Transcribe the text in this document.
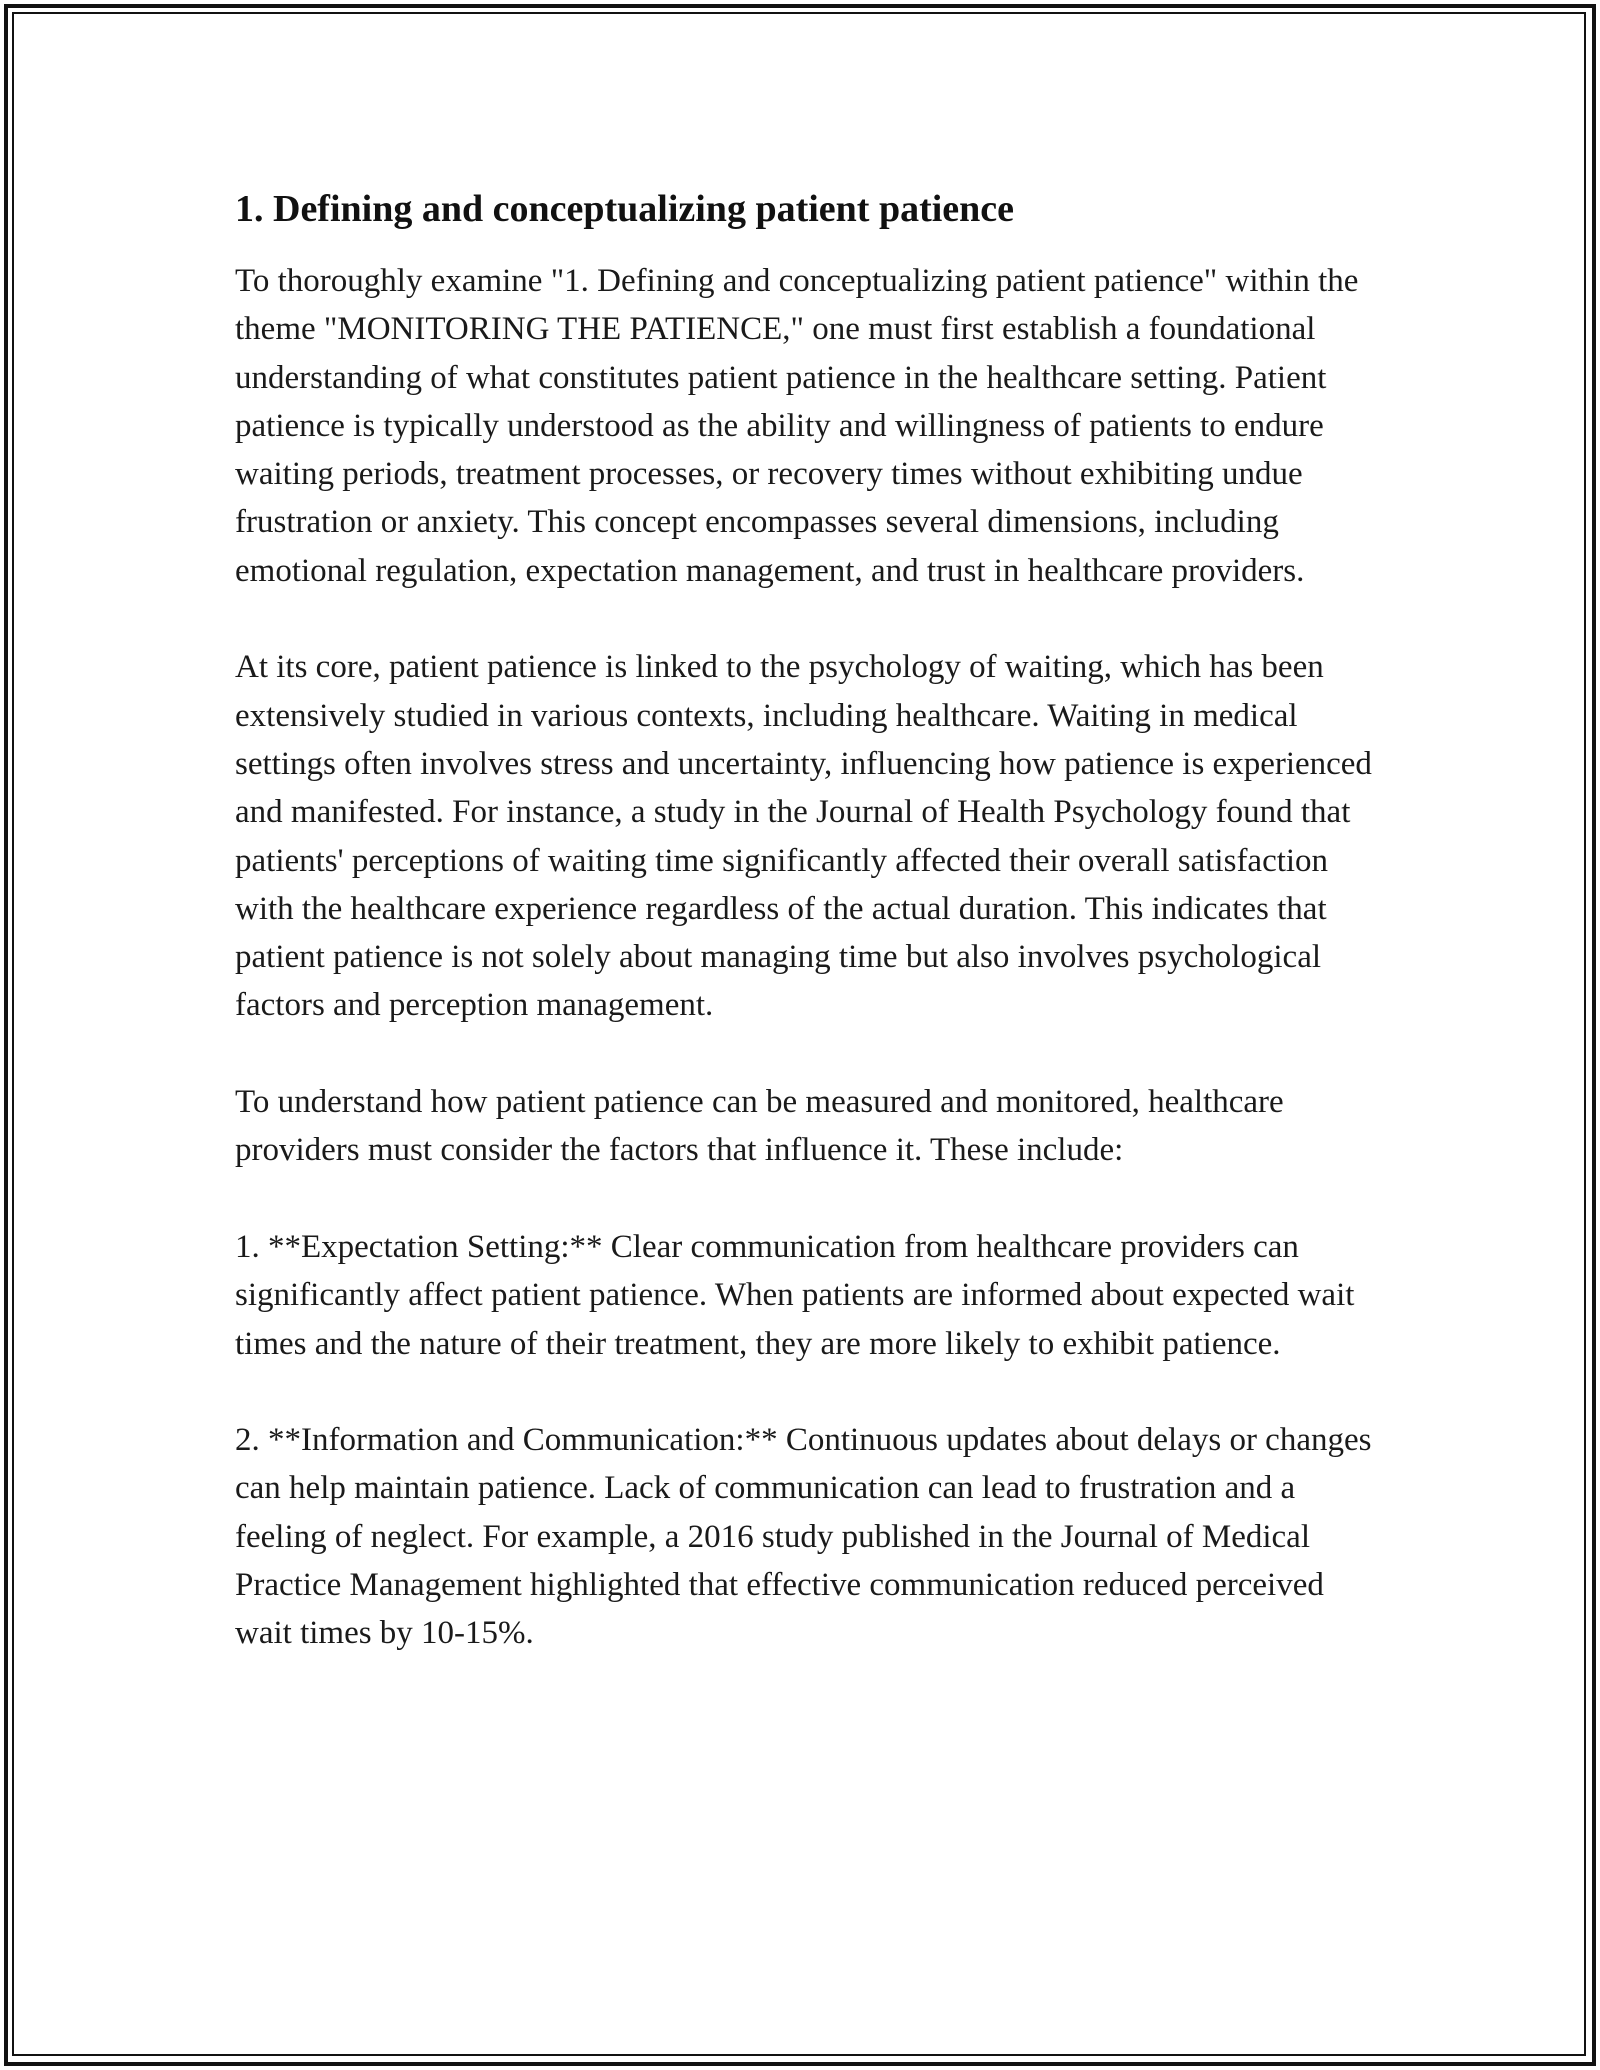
1. Defining and conceptualizing patient patience

To thoroughly examine "1. Defining and conceptualizing patient patience" within the theme "MONITORING THE PATIENCE," one must first establish a foundational understanding of what constitutes patient patience in the healthcare setting. Patient patience is typically understood as the ability and willingness of patients to endure waiting periods, treatment processes, or recovery times without exhibiting undue frustration or anxiety. This concept encompasses several dimensions, including emotional regulation, expectation management, and trust in healthcare providers.

At its core, patient patience is linked to the psychology of waiting, which has been extensively studied in various contexts, including healthcare. Waiting in medical settings often involves stress and uncertainty, influencing how patience is experienced and manifested. For instance, a study in the Journal of Health Psychology found that patients' perceptions of waiting time significantly affected their overall satisfaction with the healthcare experience regardless of the actual duration. This indicates that patient patience is not solely about managing time but also involves psychological factors and perception management.

To understand how patient patience can be measured and monitored, healthcare providers must consider the factors that influence it. These include:

1. **Expectation Setting:** Clear communication from healthcare providers can significantly affect patient patience. When patients are informed about expected wait times and the nature of their treatment, they are more likely to exhibit patience.

2. **Information and Communication:** Continuous updates about delays or changes can help maintain patience. Lack of communication can lead to frustration and a feeling of neglect. For example, a 2016 study published in the Journal of Medical Practice Management highlighted that effective communication reduced perceived wait times by 10-15%.
